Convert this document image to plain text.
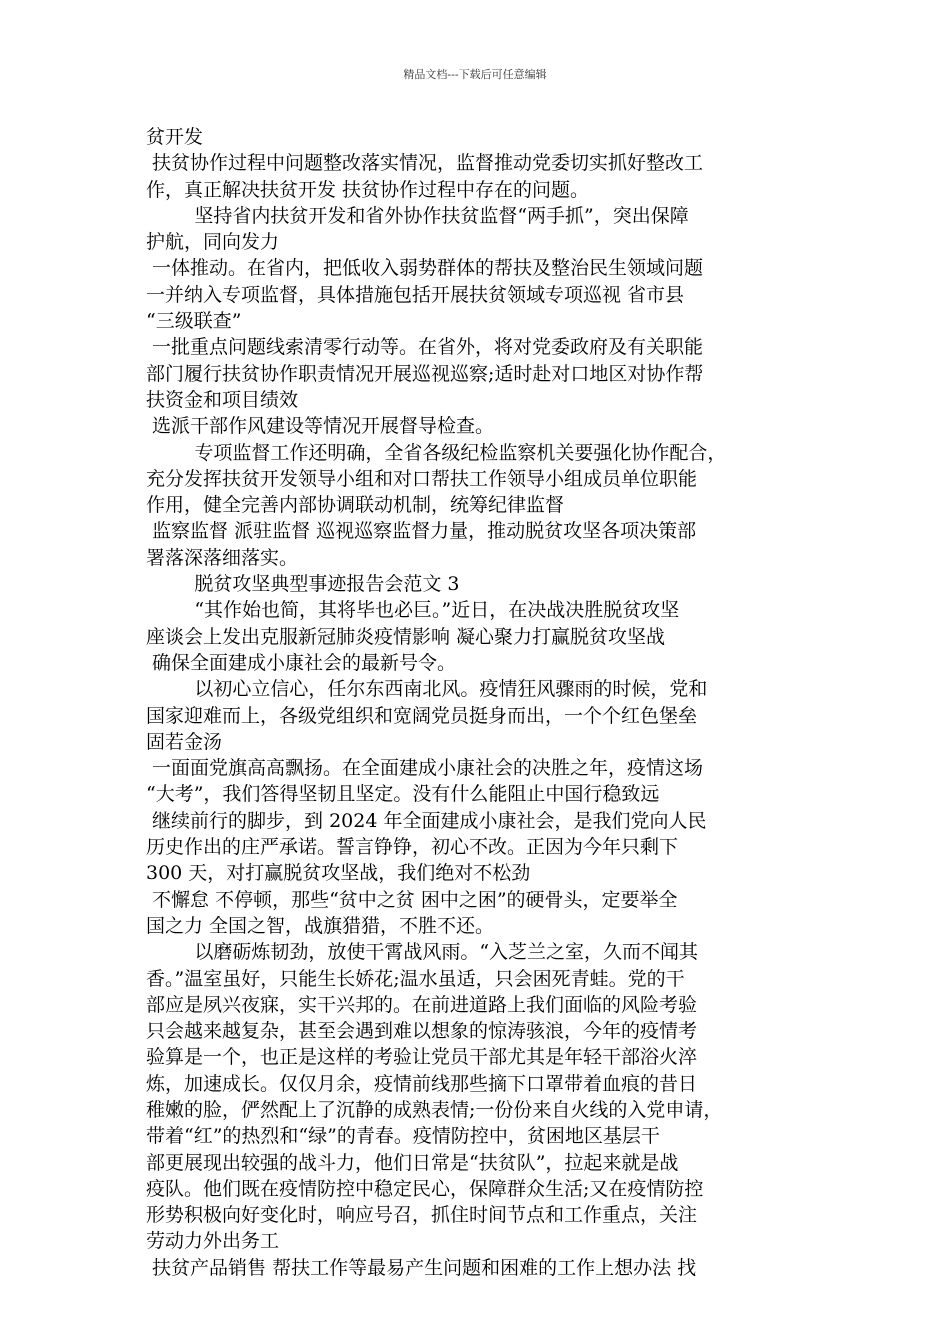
精品文档---下载后可任意编辑
贫开发
扶贫协作过程中问题整改落实情况，监督推动党委切实抓好整改工
作，真正解决扶贫开发 扶贫协作过程中存在的问题。
坚持省内扶贫开发和省外协作扶贫监督“两手抓”，突出保障
护航，同向发力
一体推动。在省内，把低收入弱势群体的帮扶及整治民生领域问题
一并纳入专项监督，具体措施包括开展扶贫领域专项巡视 省市县
“三级联查”
一批重点问题线索清零行动等。在省外，将对党委政府及有关职能
部门履行扶贫协作职责情况开展巡视巡察;适时赴对口地区对协作帮
扶资金和项目绩效
选派干部作风建设等情况开展督导检查。
专项监督工作还明确，全省各级纪检监察机关要强化协作配合，
充分发挥扶贫开发领导小组和对口帮扶工作领导小组成员单位职能
作用，健全完善内部协调联动机制，统筹纪律监督
监察监督 派驻监督 巡视巡察监督力量，推动脱贫攻坚各项决策部
署落深落细落实。
脱贫攻坚典型事迹报告会范文 3
“其作始也简，其将毕也必巨。”近日，在决战决胜脱贫攻坚
座谈会上发出克服新冠肺炎疫情影响 凝心聚力打赢脱贫攻坚战
确保全面建成小康社会的最新号令。
以初心立信心，任尔东西南北风。疫情狂风骤雨的时候，党和
国家迎难而上，各级党组织和宽阔党员挺身而出，一个个红色堡垒
固若金汤
一面面党旗高高飘扬。在全面建成小康社会的决胜之年，疫情这场
“大考”，我们答得坚韧且坚定。没有什么能阻止中国行稳致远
继续前行的脚步，到 2024 年全面建成小康社会，是我们党向人民
历史作出的庄严承诺。誓言铮铮，初心不改。正因为今年只剩下
300 天，对打赢脱贫攻坚战，我们绝对不松劲
不懈怠 不停顿，那些“贫中之贫 困中之困”的硬骨头，定要举全
国之力 全国之智，战旗猎猎，不胜不还。
以磨砺炼韧劲，放使干霄战风雨。“入芝兰之室，久而不闻其
香。”温室虽好，只能生长娇花;温水虽适，只会困死青蛙。党的干
部应是夙兴夜寐，实干兴邦的。在前进道路上我们面临的风险考验
只会越来越复杂，甚至会遇到难以想象的惊涛骇浪，今年的疫情考
验算是一个，也正是这样的考验让党员干部尤其是年轻干部浴火淬
炼，加速成长。仅仅月余，疫情前线那些摘下口罩带着血痕的昔日
稚嫩的脸，俨然配上了沉静的成熟表情;一份份来自火线的入党申请，
带着“红”的热烈和“绿”的青春。疫情防控中，贫困地区基层干
部更展现出较强的战斗力，他们日常是“扶贫队”，拉起来就是战
疫队。他们既在疫情防控中稳定民心，保障群众生活;又在疫情防控
形势积极向好变化时，响应号召，抓住时间节点和工作重点，关注
劳动力外出务工
扶贫产品销售 帮扶工作等最易产生问题和困难的工作上想办法 找
